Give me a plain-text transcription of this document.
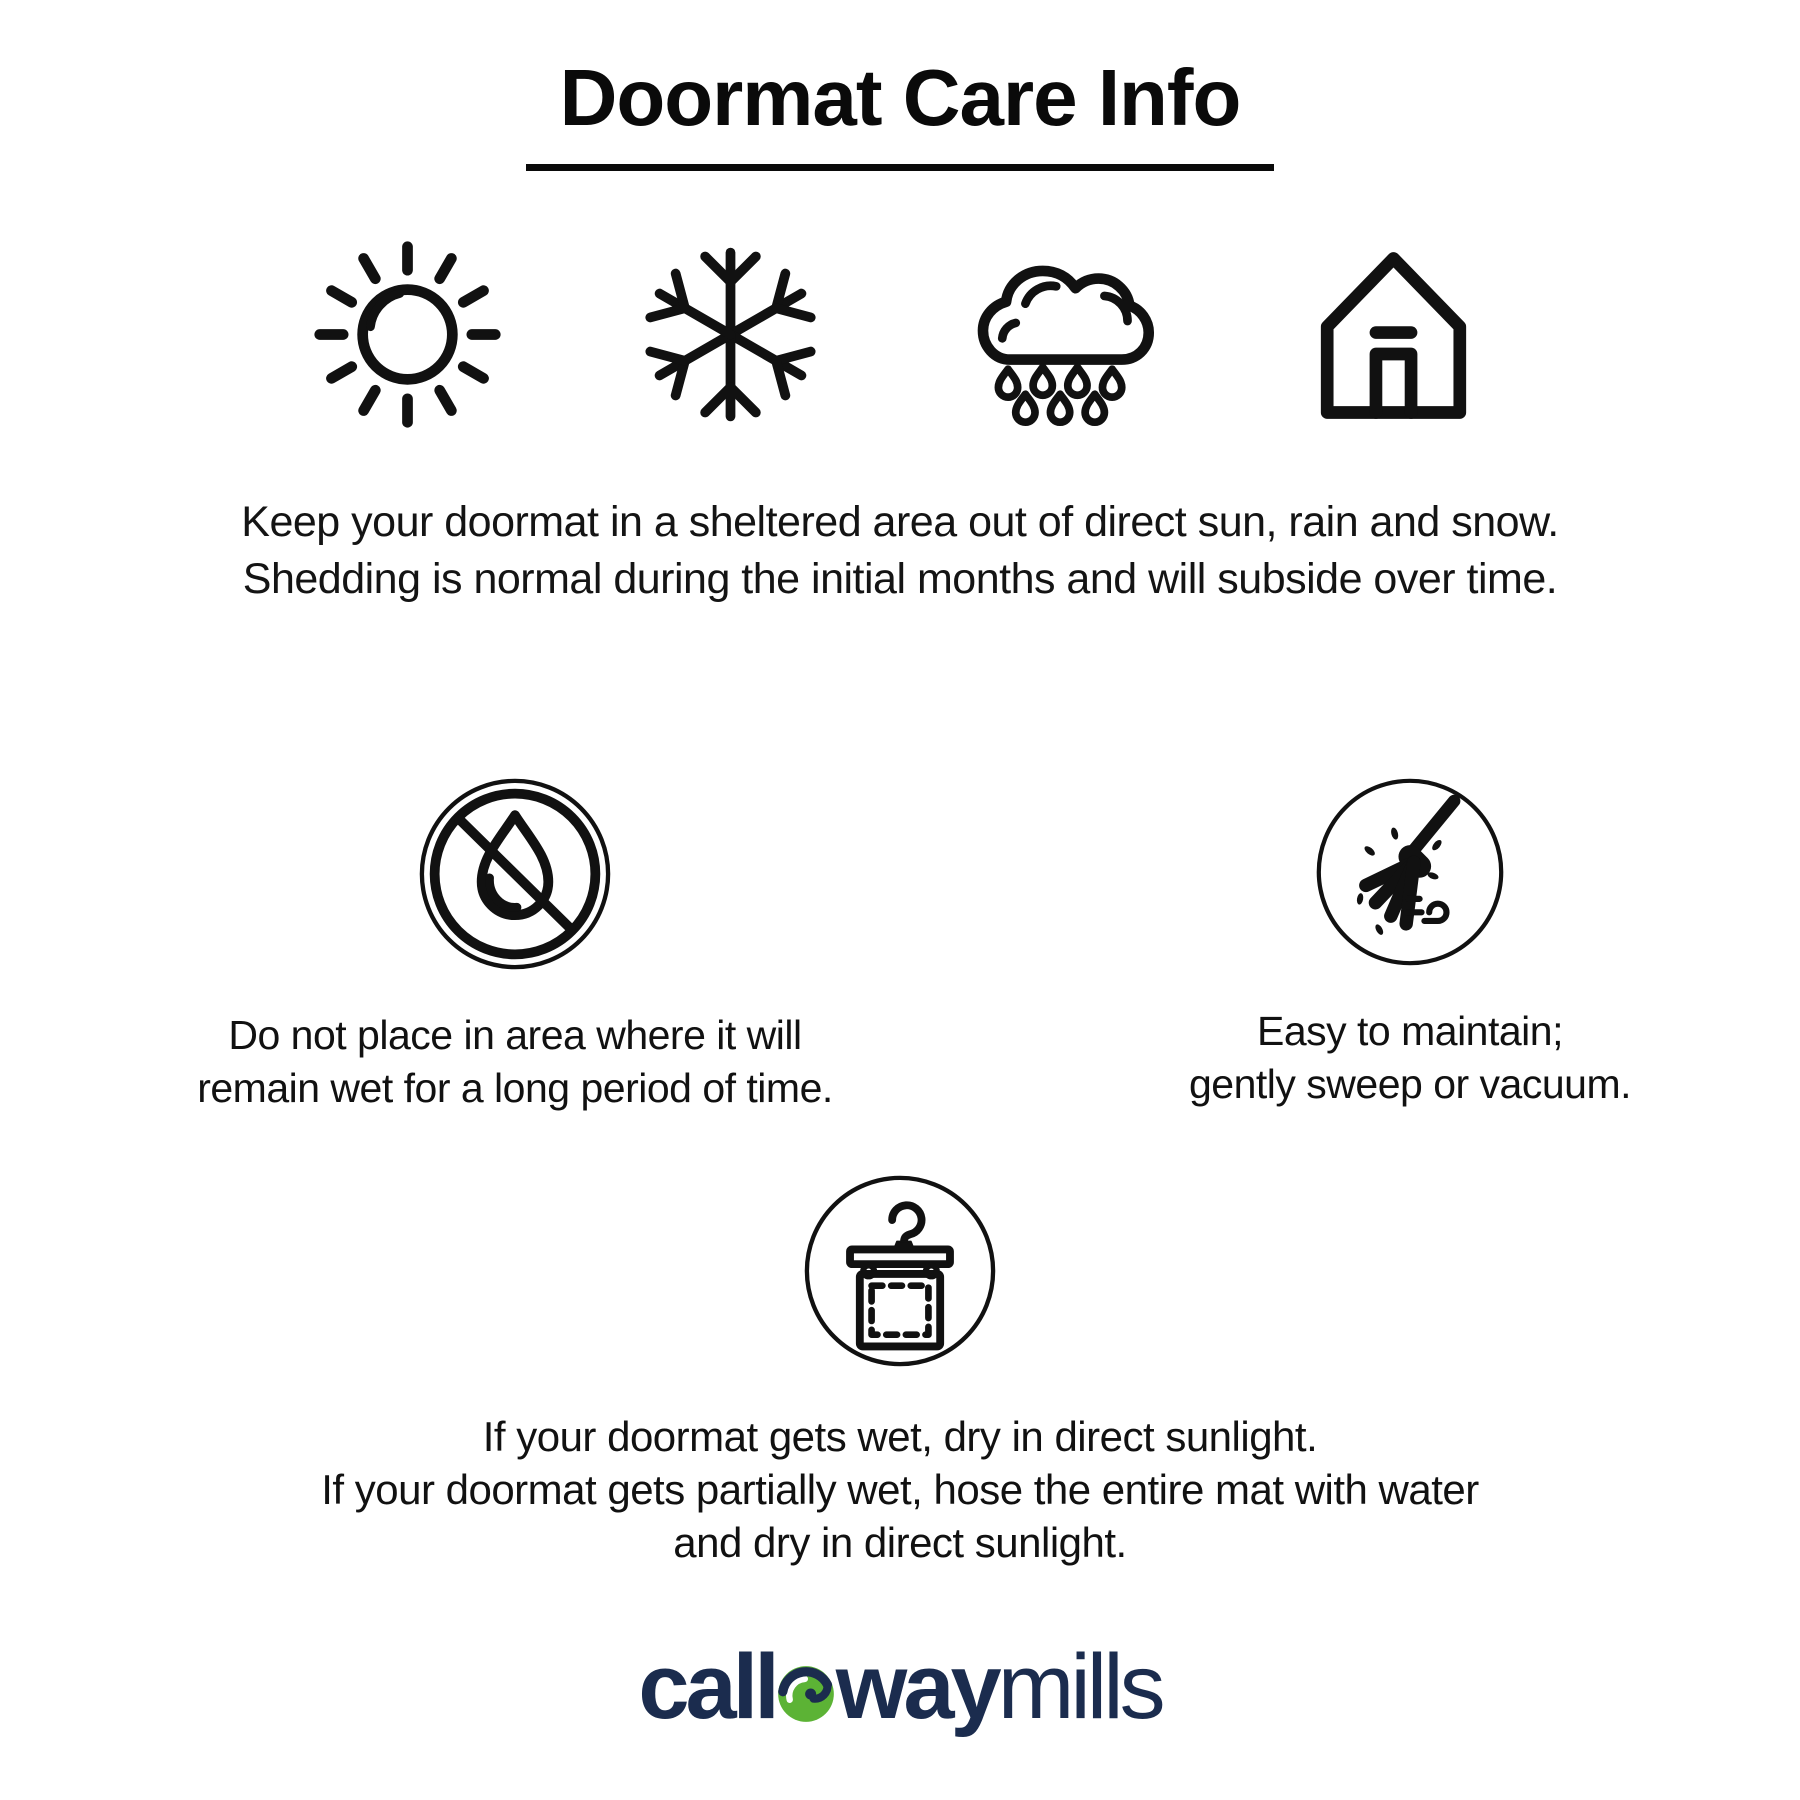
Doormat Care Info
Keep your doormat in a sheltered area out of direct sun, rain and snow.
Shedding is normal during the initial months and will subside over time.
Do not place in area where it will
remain wet for a long period of time.
Easy to maintain;
gently sweep or vacuum.
If your doormat gets wet, dry in direct sunlight.
If your doormat gets partially wet, hose the entire mat with water
and dry in direct sunlight.
call waymills
